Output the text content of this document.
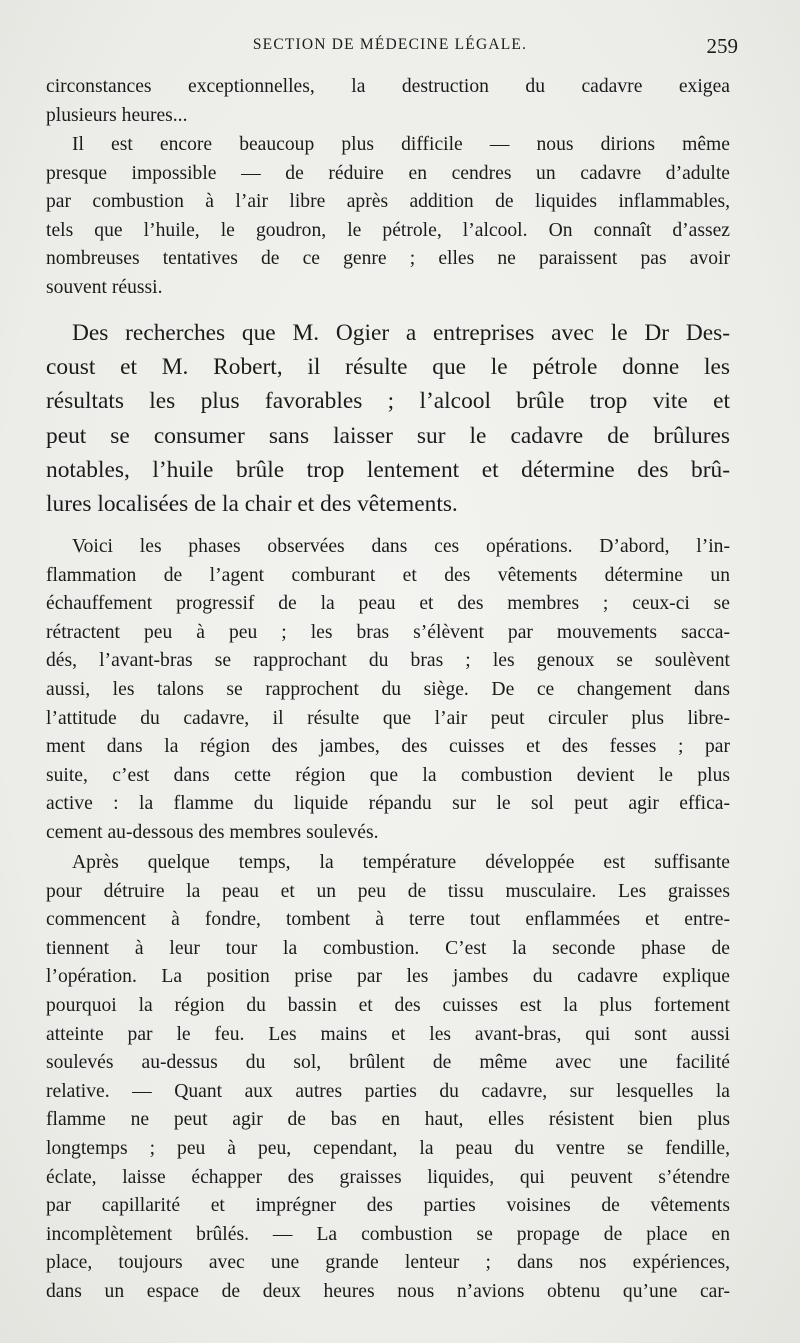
SECTION DE MÉDECINE LÉGALE.	259
circonstances exceptionnelles, la destruction du cadavre exigea
plusieurs heures...
Il est encore beaucoup plus difficile — nous dirions même
presque impossible — de réduire en cendres un cadavre d’adulte
par combustion à l’air libre après addition de liquides inflammables,
tels que l’huile, le goudron, le pétrole, l’alcool. On connaît d’assez
nombreuses tentatives de ce genre ; elles ne paraissent pas avoir
souvent réussi.
Des recherches que M. Ogier a entreprises avec le Dr Des-
coust et M. Robert, il résulte que le pétrole donne les
résultats les plus favorables ; l’alcool brûle trop vite et
peut se consumer sans laisser sur le cadavre de brûlures
notables, l’huile brûle trop lentement et détermine des brû-
lures localisées de la chair et des vêtements.
Voici les phases observées dans ces opérations. D’abord, l’in-
flammation de l’agent comburant et des vêtements détermine un
échauffement progressif de la peau et des membres ; ceux-ci se
rétractent peu à peu ; les bras s’élèvent par mouvements sacca-
dés, l’avant-bras se rapprochant du bras ; les genoux se soulèvent
aussi, les talons se rapprochent du siège. De ce changement dans
l’attitude du cadavre, il résulte que l’air peut circuler plus libre-
ment dans la région des jambes, des cuisses et des fesses ; par
suite, c’est dans cette région que la combustion devient le plus
active : la flamme du liquide répandu sur le sol peut agir effica-
cement au-dessous des membres soulevés.
Après quelque temps, la température développée est suffisante
pour détruire la peau et un peu de tissu musculaire. Les graisses
commencent à fondre, tombent à terre tout enflammées et entre-
tiennent à leur tour la combustion. C’est la seconde phase de
l’opération. La position prise par les jambes du cadavre explique
pourquoi la région du bassin et des cuisses est la plus fortement
atteinte par le feu. Les mains et les avant-bras, qui sont aussi
soulevés au-dessus du sol, brûlent de même avec une facilité
relative. — Quant aux autres parties du cadavre, sur lesquelles la
flamme ne peut agir de bas en haut, elles résistent bien plus
longtemps ; peu à peu, cependant, la peau du ventre se fendille,
éclate, laisse échapper des graisses liquides, qui peuvent s’étendre
par capillarité et imprégner des parties voisines de vêtements
incomplètement brûlés. — La combustion se propage de place en
place, toujours avec une grande lenteur ; dans nos expériences,
dans un espace de deux heures nous n’avions obtenu qu’une car-
